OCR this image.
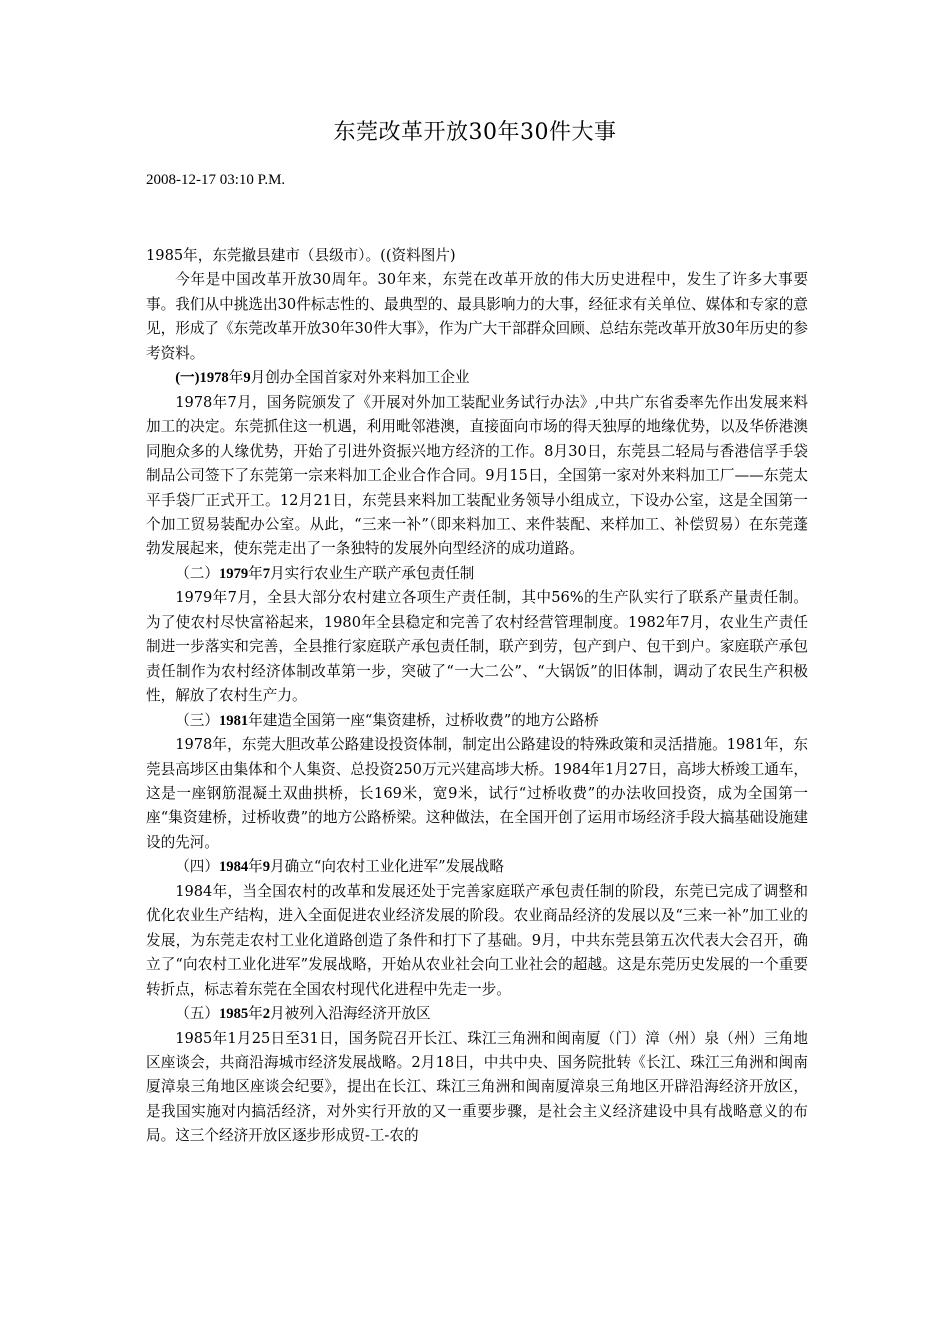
东莞改革开放30年30件大事
2008-12-17 03:10 P.M.

1985年，东莞撤县建市（县级市）。((资料图片)

今年是中国改革开放30周年。30年来，东莞在改革开放的伟大历史进程中，发生了许多大事要事。我们从中挑选出30件标志性的、最典型的、最具影响力的大事，经征求有关单位、媒体和专家的意见，形成了《东莞改革开放30年30件大事》，作为广大干部群众回顾、总结东莞改革开放30年历史的参考资料。

(一)1978年9月创办全国首家对外来料加工企业

1978年7月，国务院颁发了《开展对外加工装配业务试行办法》,中共广东省委率先作出发展来料加工的决定。东莞抓住这一机遇，利用毗邻港澳，直接面向市场的得天独厚的地缘优势，以及华侨港澳同胞众多的人缘优势，开始了引进外资振兴地方经济的工作。8月30日，东莞县二轻局与香港信孚手袋制品公司签下了东莞第一宗来料加工企业合作合同。9月15日，全国第一家对外来料加工厂——东莞太平手袋厂正式开工。12月21日，东莞县来料加工装配业务领导小组成立，下设办公室，这是全国第一个加工贸易装配办公室。从此，“三来一补”（即来料加工、来件装配、来样加工、补偿贸易）在东莞蓬勃发展起来，使东莞走出了一条独特的发展外向型经济的成功道路。

（二）1979年7月实行农业生产联产承包责任制

1979年7月，全县大部分农村建立各项生产责任制，其中56%的生产队实行了联系产量责任制。为了使农村尽快富裕起来，1980年全县稳定和完善了农村经营管理制度。1982年7月，农业生产责任制进一步落实和完善，全县推行家庭联产承包责任制，联产到劳，包产到户、包干到户。家庭联产承包责任制作为农村经济体制改革第一步，突破了“一大二公”、“大锅饭”的旧体制，调动了农民生产积极性，解放了农村生产力。

（三）1981年建造全国第一座“集资建桥，过桥收费”的地方公路桥

1978年，东莞大胆改革公路建设投资体制，制定出公路建设的特殊政策和灵活措施。1981年，东莞县高埗区由集体和个人集资、总投资250万元兴建高埗大桥。1984年1月27日，高埗大桥竣工通车，这是一座钢筋混凝土双曲拱桥，长169米，宽9米，试行“过桥收费”的办法收回投资，成为全国第一座“集资建桥，过桥收费”的地方公路桥梁。这种做法，在全国开创了运用市场经济手段大搞基础设施建设的先河。

（四）1984年9月确立“向农村工业化进军”发展战略

1984年，当全国农村的改革和发展还处于完善家庭联产承包责任制的阶段，东莞已完成了调整和优化农业生产结构，进入全面促进农业经济发展的阶段。农业商品经济的发展以及“三来一补”加工业的发展，为东莞走农村工业化道路创造了条件和打下了基础。9月，中共东莞县第五次代表大会召开，确立了“向农村工业化进军”发展战略，开始从农业社会向工业社会的超越。这是东莞历史发展的一个重要转折点，标志着东莞在全国农村现代化进程中先走一步。

（五）1985年2月被列入沿海经济开放区

1985年1月25日至31日，国务院召开长江、珠江三角洲和闽南厦（门）漳（州）泉（州）三角地区座谈会，共商沿海城市经济发展战略。2月18日，中共中央、国务院批转《长江、珠江三角洲和闽南厦漳泉三角地区座谈会纪要》，提出在长江、珠江三角洲和闽南厦漳泉三角地区开辟沿海经济开放区，是我国实施对内搞活经济，对外实行开放的又一重要步骤，是社会主义经济建设中具有战略意义的布局。这三个经济开放区逐步形成贸-工-农的
